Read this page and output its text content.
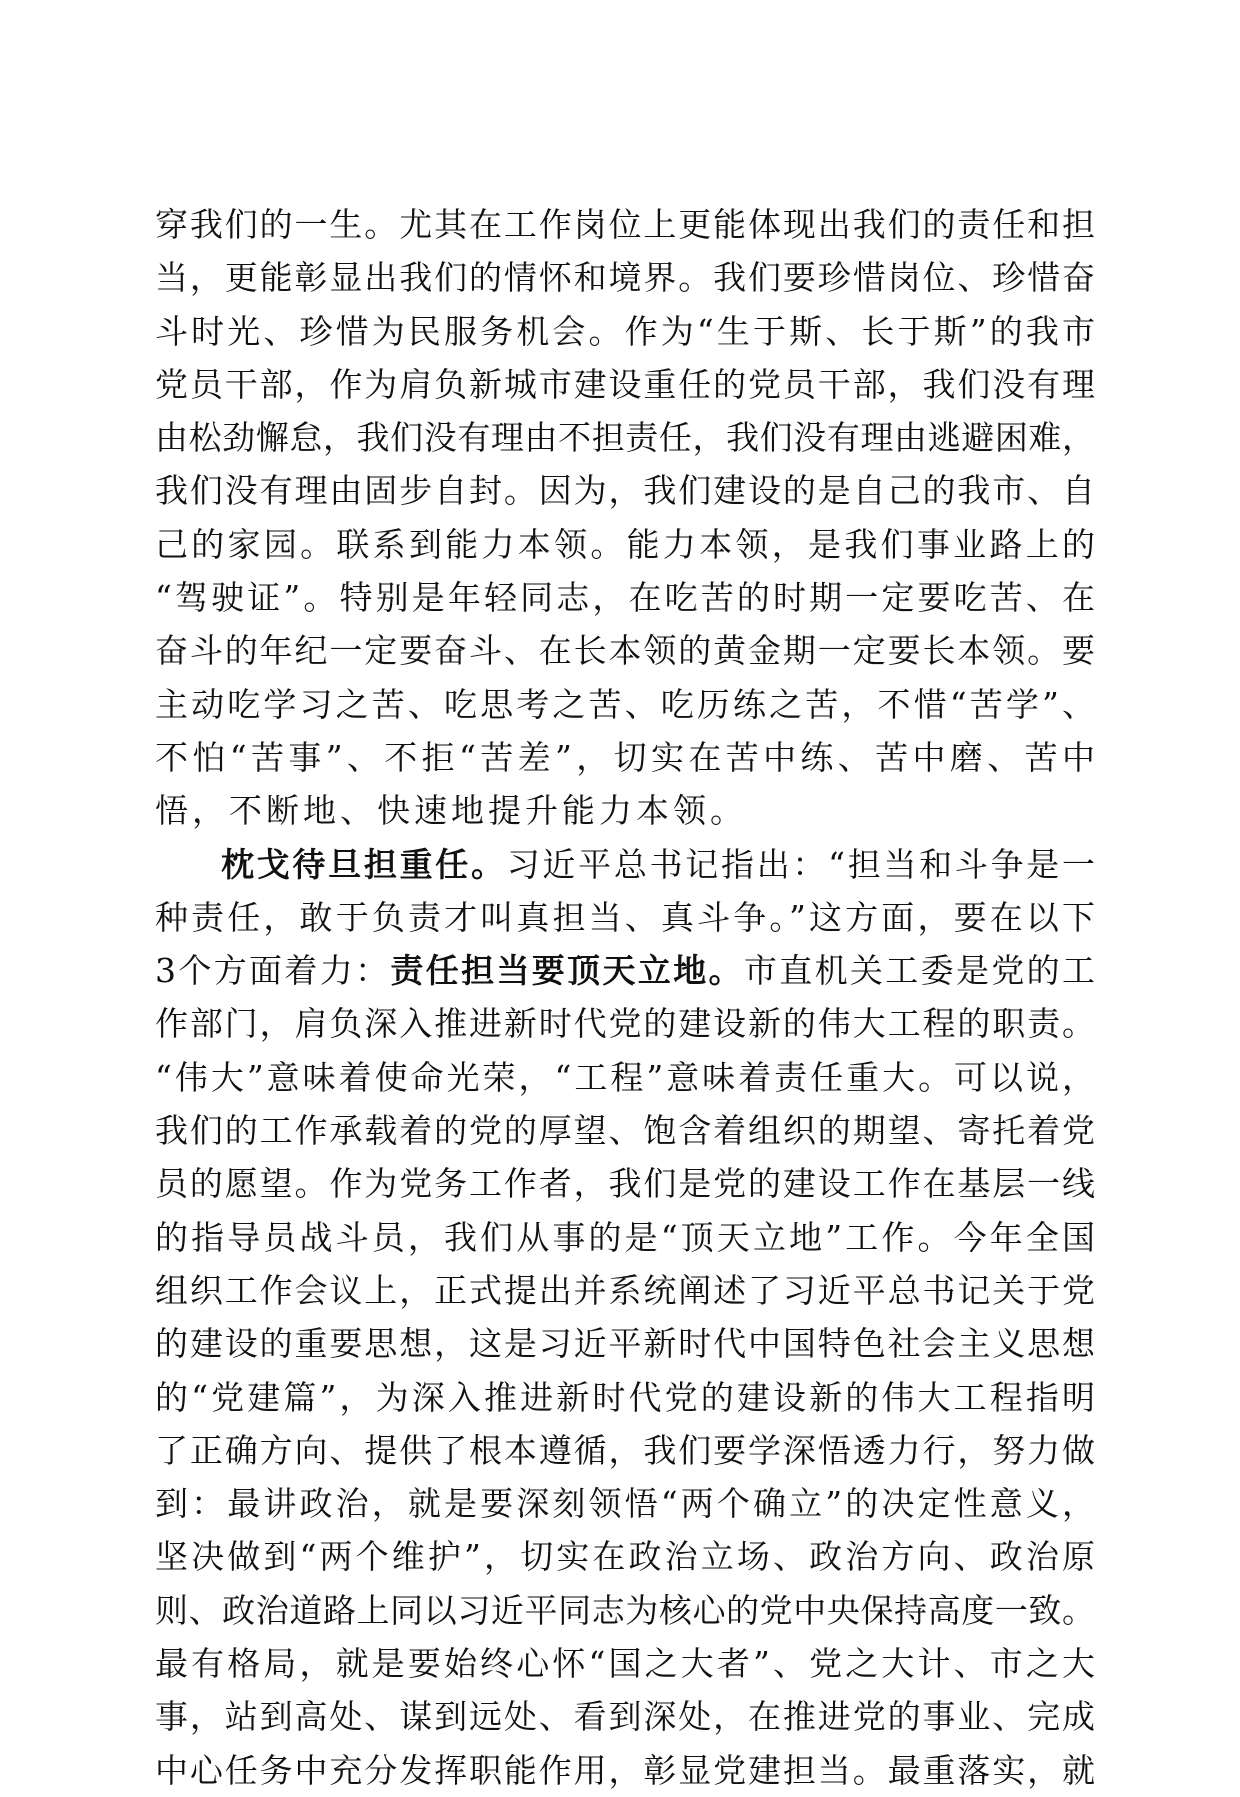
穿我们的一生。尤其在工作岗位上更能体现出我们的责任和担
当，更能彰显出我们的情怀和境界。我们要珍惜岗位、珍惜奋
斗时光、珍惜为民服务机会。作为“生于斯、长于斯”的我市
党员干部，作为肩负新城市建设重任的党员干部，我们没有理
由松劲懈怠，我们没有理由不担责任，我们没有理由逃避困难，
我们没有理由固步自封。因为，我们建设的是自己的我市、自
己的家园。联系到能力本领。能力本领，是我们事业路上的
“驾驶证”。特别是年轻同志，在吃苦的时期一定要吃苦、在
奋斗的年纪一定要奋斗、在长本领的黄金期一定要长本领。要
主动吃学习之苦、吃思考之苦、吃历练之苦，不惜“苦学”、
不怕“苦事”、不拒“苦差”，切实在苦中练、苦中磨、苦中
悟，不断地、快速地提升能力本领。
枕戈待旦担重任。习近平总书记指出：“担当和斗争是一
种责任，敢于负责才叫真担当、真斗争。”这方面，要在以下
3个方面着力：责任担当要顶天立地。市直机关工委是党的工
作部门，肩负深入推进新时代党的建设新的伟大工程的职责。
“伟大”意味着使命光荣，“工程”意味着责任重大。可以说，
我们的工作承载着的党的厚望、饱含着组织的期望、寄托着党
员的愿望。作为党务工作者，我们是党的建设工作在基层一线
的指导员战斗员，我们从事的是“顶天立地”工作。今年全国
组织工作会议上，正式提出并系统阐述了习近平总书记关于党
的建设的重要思想，这是习近平新时代中国特色社会主义思想
的“党建篇”，为深入推进新时代党的建设新的伟大工程指明
了正确方向、提供了根本遵循，我们要学深悟透力行，努力做
到：最讲政治，就是要深刻领悟“两个确立”的决定性意义，
坚决做到“两个维护”，切实在政治立场、政治方向、政治原
则、政治道路上同以习近平同志为核心的党中央保持高度一致。
最有格局，就是要始终心怀“国之大者”、党之大计、市之大
事，站到高处、谋到远处、看到深处，在推进党的事业、完成
中心任务中充分发挥职能作用，彰显党建担当。最重落实，就
